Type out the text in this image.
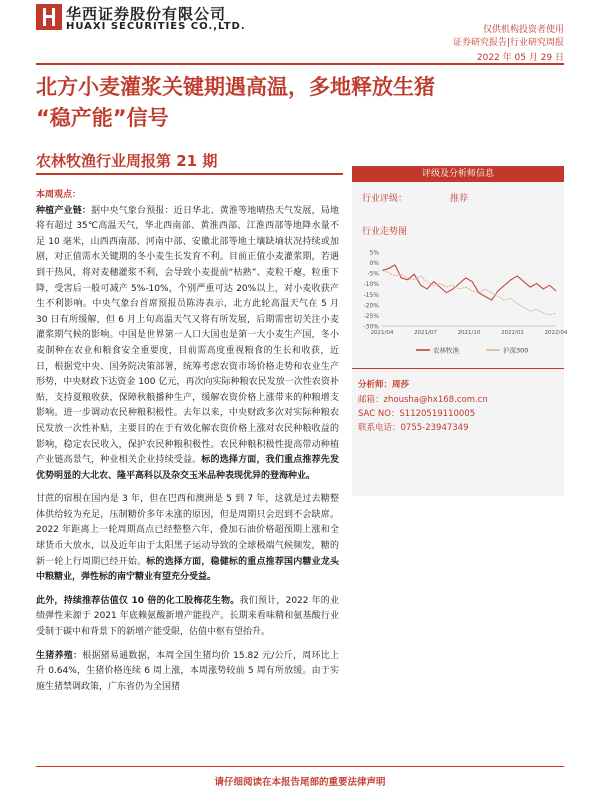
华西证券股份有限公司
HUAXI SECURITIES CO.,LTD.	仅供机构投资者使用
证券研究报告|行业研究周报
2022 年 05 月 29 日
北方小麦灌浆关键期遇高温，多地释放生猪
“稳产能”信号
农林牧渔行业周报第 21 期
本周观点：

种植产业链：据中央气象台预报：近日华北、黄淮等地晴热天气发展，局地将有超过 35℃高温天气，华北西南部、黄淮西部、江淮西部等地降水量不足 10 毫米，山西西南部、河南中部、安徽北部等地土壤缺墒状况持续或加剧，对正值需水关键期的冬小麦生长发育不利。目前正值小麦灌浆期，若遇到干热风，将对麦穗灌浆不利，会导致小麦提前“枯熟”、麦粒干瘪，粒重下降，受害后一般可减产 5%-10%，个别严重可达 20%以上，对小麦收获产生不利影响。中央气象台首席预报员陈涛表示，北方此轮高温天气在 5 月 30 日有所缓解，但 6 月上旬高温天气又将有所发展，后期需密切关注小麦灌浆期气候的影响。中国是世界第一人口大国也是第一大小麦生产国，冬小麦制种在农业和粮食安全重要度，目前需高度重视粮食的生长和收获，近日，根据党中央、国务院决策部署，统筹考虑农资市场价格走势和农业生产形势，中央财政下达资金 100 亿元，再次向实际种粮农民发放一次性农资补贴，支持夏粮收获，保障秋粮播种生产，缓解农资价格上涨带来的种粮增支影响。进一步调动农民种粮积极性。去年以来，中央财政多次对实际种粮农民发放一次性补贴，主要目的在于有效化解农资价格上涨对农民种粮收益的影响，稳定农民收入，保护农民种粮积极性。农民种粮积极性提高带动种植产业链高景气，种业相关企业持续受益。标的选择方面，我们重点推荐先发优势明显的大北农、隆平高科以及杂交玉米品种表现优异的登海种业。

甘蔗的宿根在国内是 3 年，但在巴西和澳洲是 5 到 7 年，这就是过去糖整体供给较为充足，压制糖价多年未涨的原因，但是周期只会迟到不会缺席。2022 年距离上一轮周期高点已经整整六年，叠加石油价格超预期上涨和全球货币大放水，以及近年由于太阳黑子运动导致的全球极端气候频发，糖的新一轮上行周期已经开始。标的选择方面，稳健标的重点推荐国内糖业龙头中粮糖业，弹性标的南宁糖业有望充分受益。

此外，持续推荐估值仅 10 倍的化工股梅花生物。我们预计，2022 年的业绩弹性来源于 2021 年底赖氨酸新增产能投产。长期来看味精和氨基酸行业受制于碳中和背景下的新增产能受限，估值中枢有望抬升。

生猪养殖：根据猪易通数据，本周全国生猪均价 15.82 元/公斤，周环比上升 0.64%，生猪价格连续 6 周上涨，本周涨势较前 5 周有所放缓。由于实施生猪禁调政策，广东省仍为全国猪

评级及分析师信息
行业评级：	推荐
行业走势图
5%
0%
-5%
-10%
-15%
-20%
-25%
-30%
2021/04	2021/07	2021/10	2022/01	2022/04
农林牧渔	沪深300
分析师：周莎
邮箱：zhousha@hx168.com.cn
SAC NO：S1120519110005
联系电话：0755-23947349
请仔细阅读在本报告尾部的重要法律声明
